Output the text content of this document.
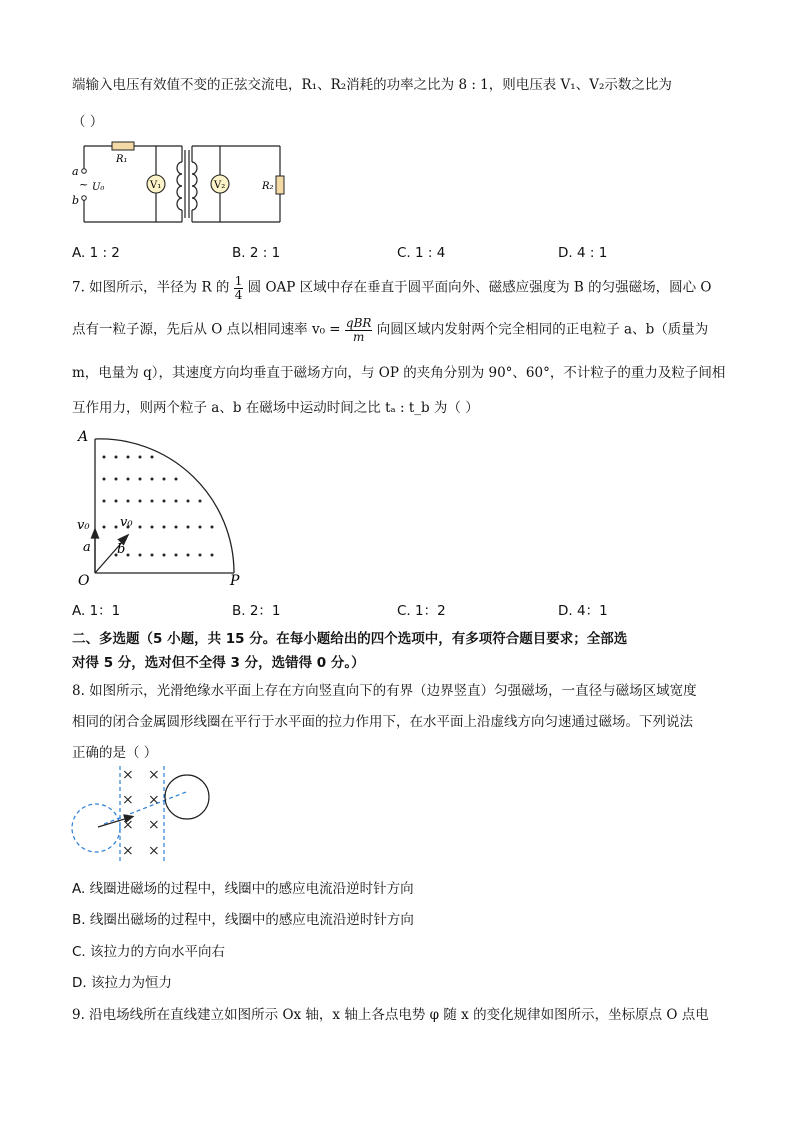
端输入电压有效值不变的正弦交流电，R₁、R₂消耗的功率之比为 8 : 1，则电压表 V₁、V₂示数之比为
（ ）
V₁	V₂
R₁
R₂
a
b
~ U₀
A. 1 : 2	B. 2 : 1	C. 1 : 4	D. 4 : 1
7. 如图所示，半径为 R 的 $\frac{1}{4}$ 圆 OAP 区域中存在垂直于圆平面向外、磁感应强度为 B 的匀强磁场，圆心 O
点有一粒子源，先后从 O 点以相同速率 $v_0 = \frac{\text{qBR}}{m}$ 向圆区域内发射两个完全相同的正电粒子 a、b（质量为
m，电量为 q），其速度方向均垂直于磁场方向，与 OP 的夹角分别为 90°、60°，不计粒子的重力及粒子间相
互作用力，则两个粒子 a、b 在磁场中运动时间之比 tₐ : t_b 为（ ）
A
O	P
v₀ v₀
a b
A. 1：1	B. 2：1	C. 1：2	D. 4：1
二、多选题（5 小题，共 15 分。在每小题给出的四个选项中，有多项符合题目要求；全部选
对得 5 分，选对但不全得 3 分，选错得 0 分。）
8. 如图所示，光滑绝缘水平面上存在方向竖直向下的有界（边界竖直）匀强磁场，一直径与磁场区域宽度
相同的闭合金属圆形线圈在平行于水平面的拉力作用下，在水平面上沿虚线方向匀速通过磁场。下列说法
正确的是（ ）
× ×
× ×
× ×
× ×
A. 线圈进磁场的过程中，线圈中的感应电流沿逆时针方向
B. 线圈出磁场的过程中，线圈中的感应电流沿逆时针方向
C. 该拉力的方向水平向右
D. 该拉力为恒力
9. 沿电场线所在直线建立如图所示 Ox 轴，x 轴上各点电势 φ 随 x 的变化规律如图所示，坐标原点 O 点电
